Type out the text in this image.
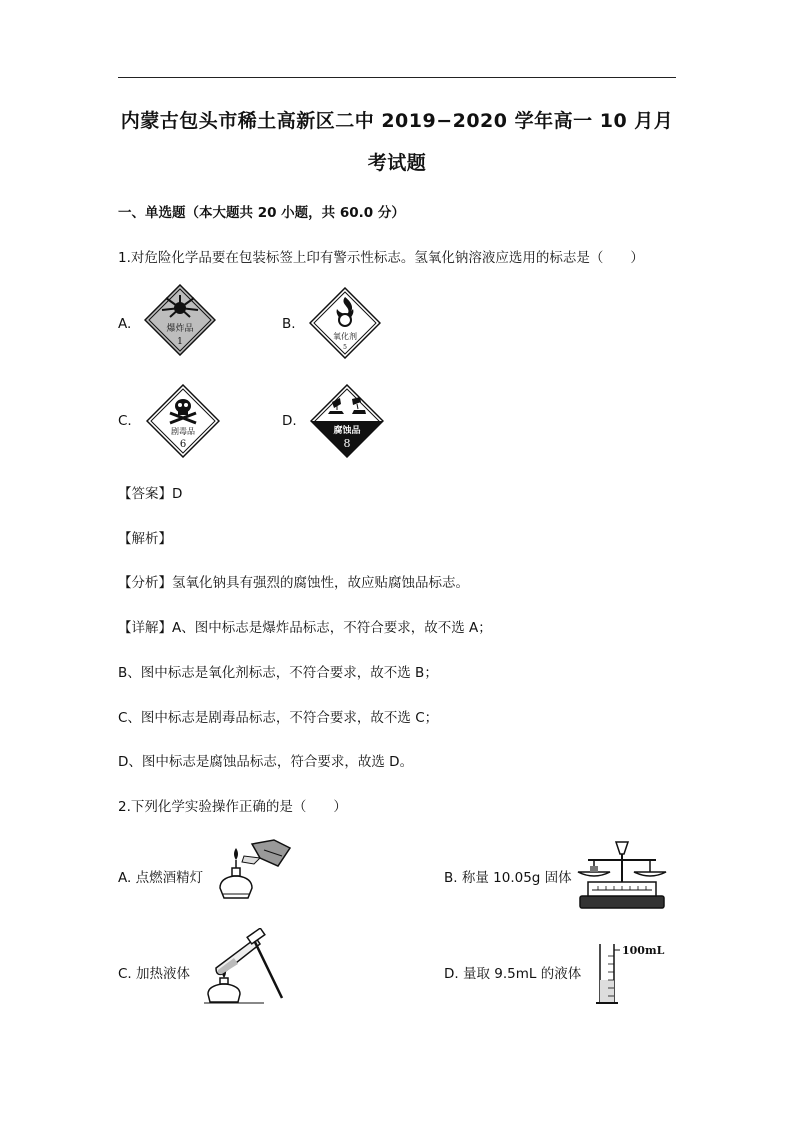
内蒙古包头市稀土高新区二中 2019−2020 学年高一 10 月月
考试题
一、单选题（本大题共 20 小题，共 60.0 分）
1.对危险化学品要在包装标签上印有警示性标志。氢氧化钠溶液应选用的标志是（　　）
A.	爆炸品
1
B.
氧化剂
5
C.
剧毒品
6
D.
腐蚀品
8
【答案】D
【解析】
【分析】氢氧化钠具有强烈的腐蚀性，故应贴腐蚀品标志。
【详解】A、图中标志是爆炸品标志，不符合要求，故不选 A；
B、图中标志是氧化剂标志，不符合要求，故不选 B；
C、图中标志是剧毒品标志，不符合要求，故不选 C；
D、图中标志是腐蚀品标志，符合要求，故选 D。
2.下列化学实验操作正确的是（　　）
A. 点燃酒精灯	B. 称量 10.05g 固体
C. 加热液体	D. 量取 9.5mL 的液体
100mL
